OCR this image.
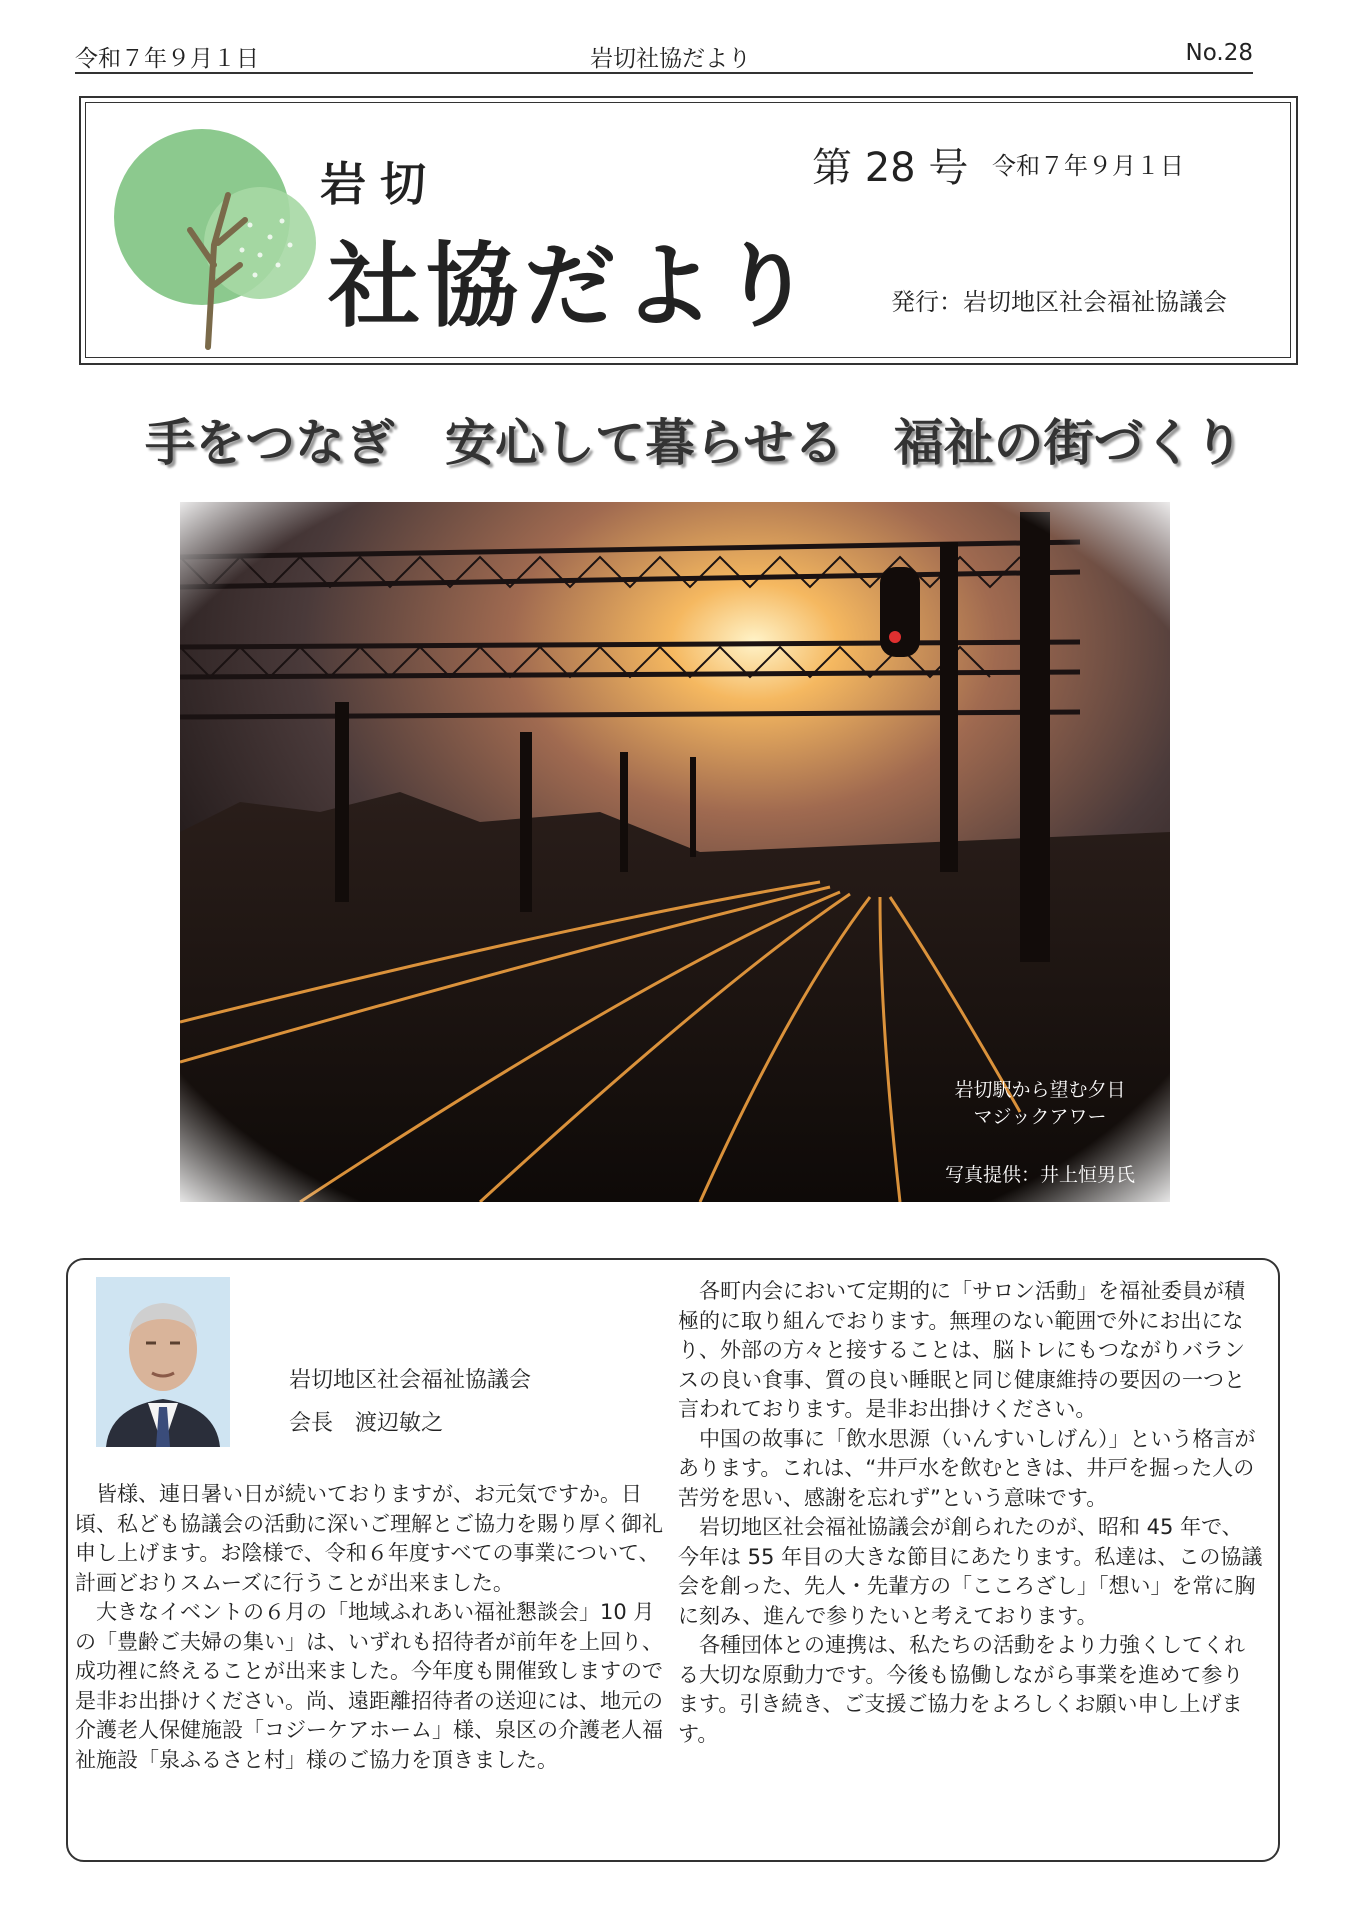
令和７年９月１日	岩切社協だより	No.28
岩切
社協だより
第 28 号 令和７年９月１日
発行：岩切地区社会福祉協議会
手をつなぎ　安心して暮らせる　福祉の街づくり
岩切駅から望む夕日
マジックアワー
写真提供：井上恒男氏
岩切地区社会福祉協議会
会長　渡辺敏之

皆様、連日暑い日が続いておりますが、お元気ですか。日頃、私ども協議会の活動に深いご理解とご協力を賜り厚く御礼申し上げます。お陰様で、令和６年度すべての事業について、計画どおりスムーズに行うことが出来ました。

大きなイベントの６月の「地域ふれあい福祉懇談会」10 月の「豊齢ご夫婦の集い」は、いずれも招待者が前年を上回り、成功裡に終えることが出来ました。今年度も開催致しますので是非お出掛けください。尚、遠距離招待者の送迎には、地元の介護老人保健施設「コジーケアホーム」様、泉区の介護老人福祉施設「泉ふるさと村」様のご協力を頂きました。

各町内会において定期的に「サロン活動」を福祉委員が積極的に取り組んでおります。無理のない範囲で外にお出になり、外部の方々と接することは、脳トレにもつながりバランスの良い食事、質の良い睡眠と同じ健康維持の要因の一つと言われております。是非お出掛けください。

中国の故事に「飲水思源（いんすいしげん）」という格言があります。これは、“井戸水を飲むときは、井戸を掘った人の苦労を思い、感謝を忘れず”という意味です。

岩切地区社会福祉協議会が創られたのが、昭和 45 年で、今年は 55 年目の大きな節目にあたります。私達は、この協議会を創った、先人・先輩方の「こころざし」「想い」を常に胸に刻み、進んで参りたいと考えております。

各種団体との連携は、私たちの活動をより力強くしてくれる大切な原動力です。今後も協働しながら事業を進めて参ります。引き続き、ご支援ご協力をよろしくお願い申し上げます。
